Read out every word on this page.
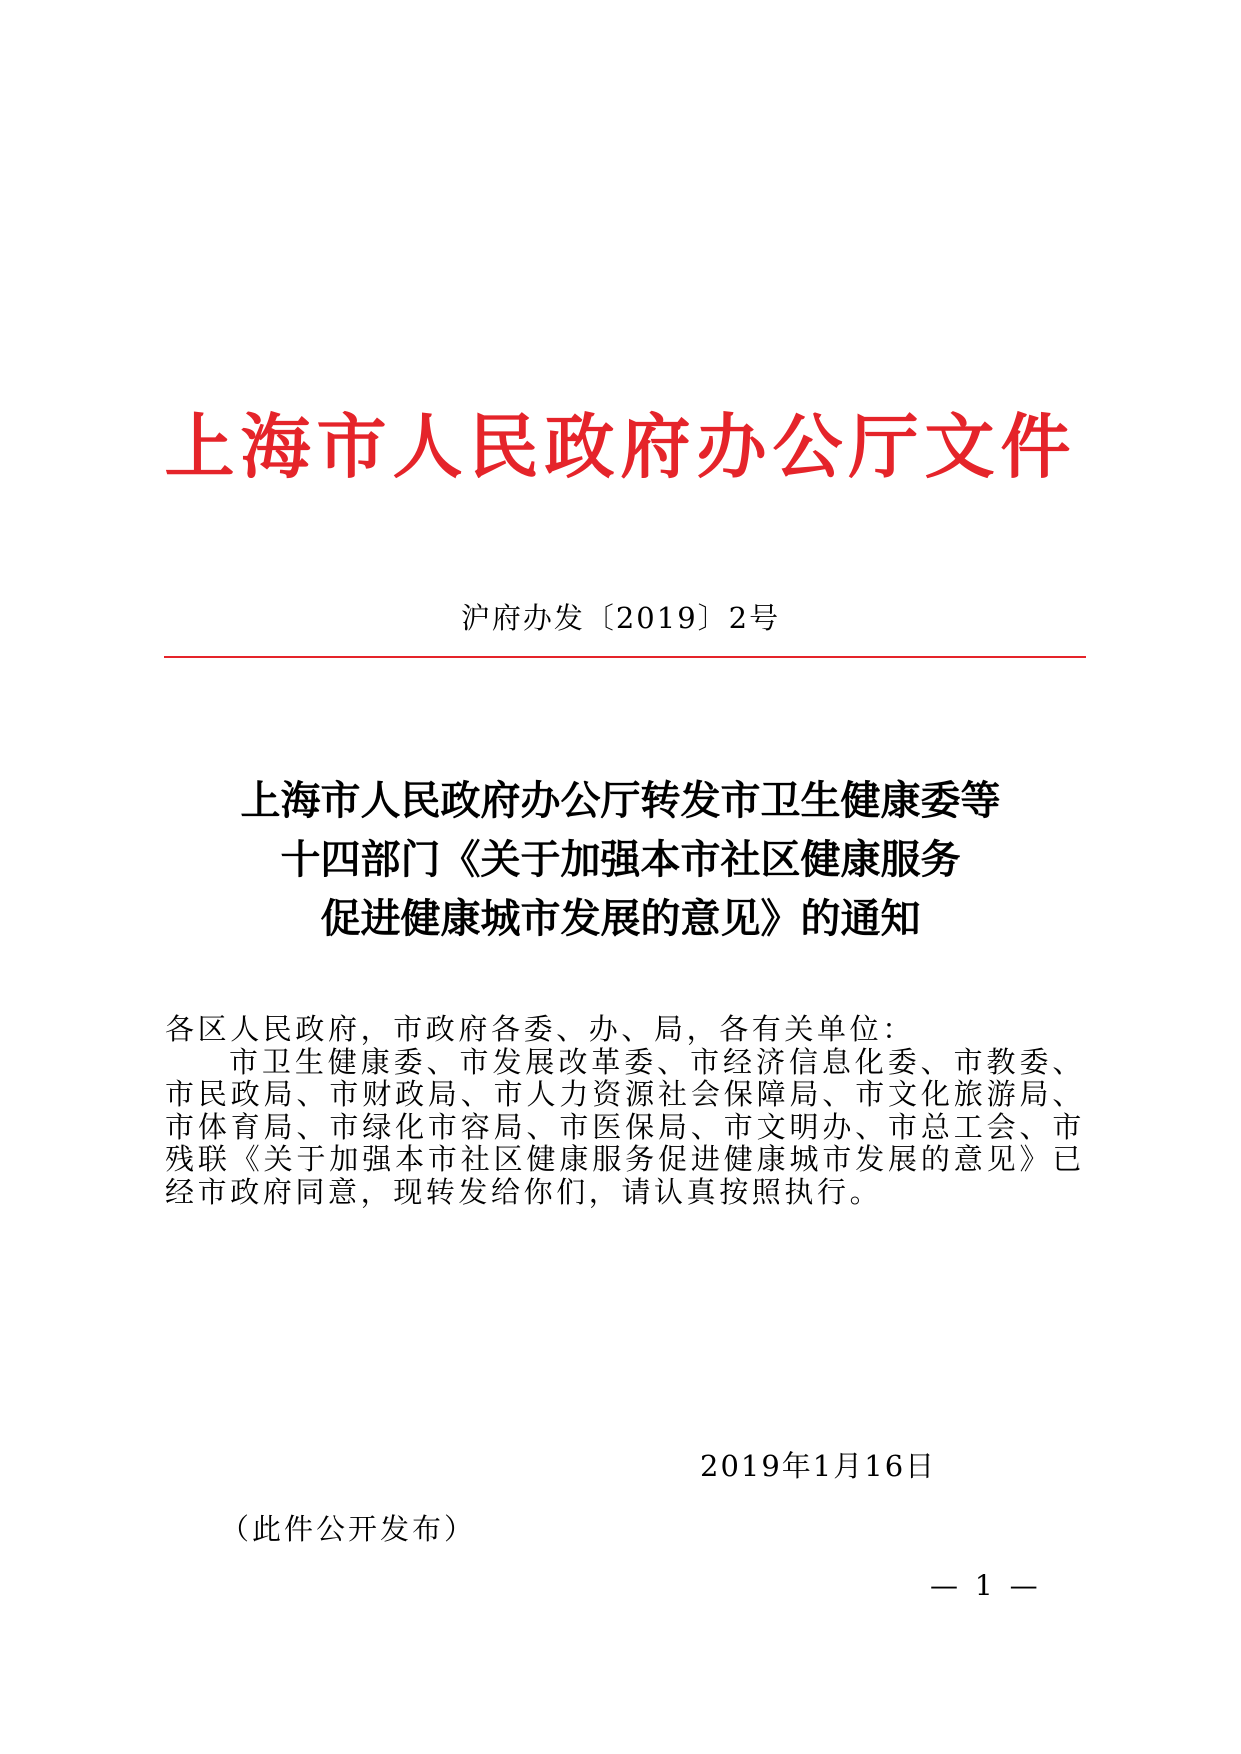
上海市人民政府办公厅文件
沪府办发〔2019〕2号
上海市人民政府办公厅转发市卫生健康委等
十四部门《关于加强本市社区健康服务
促进健康城市发展的意见》的通知
各区人民政府，市政府各委、办、局，各有关单位：
市卫生健康委、市发展改革委、市经济信息化委、市教委、市民政局、市财政局、市人力资源社会保障局、市文化旅游局、市体育局、市绿化市容局、市医保局、市文明办、市总工会、市残联《关于加强本市社区健康服务促进健康城市发展的意见》已经市政府同意，现转发给你们，请认真按照执行。
2019年1月16日
（此件公开发布）
— 1 —
